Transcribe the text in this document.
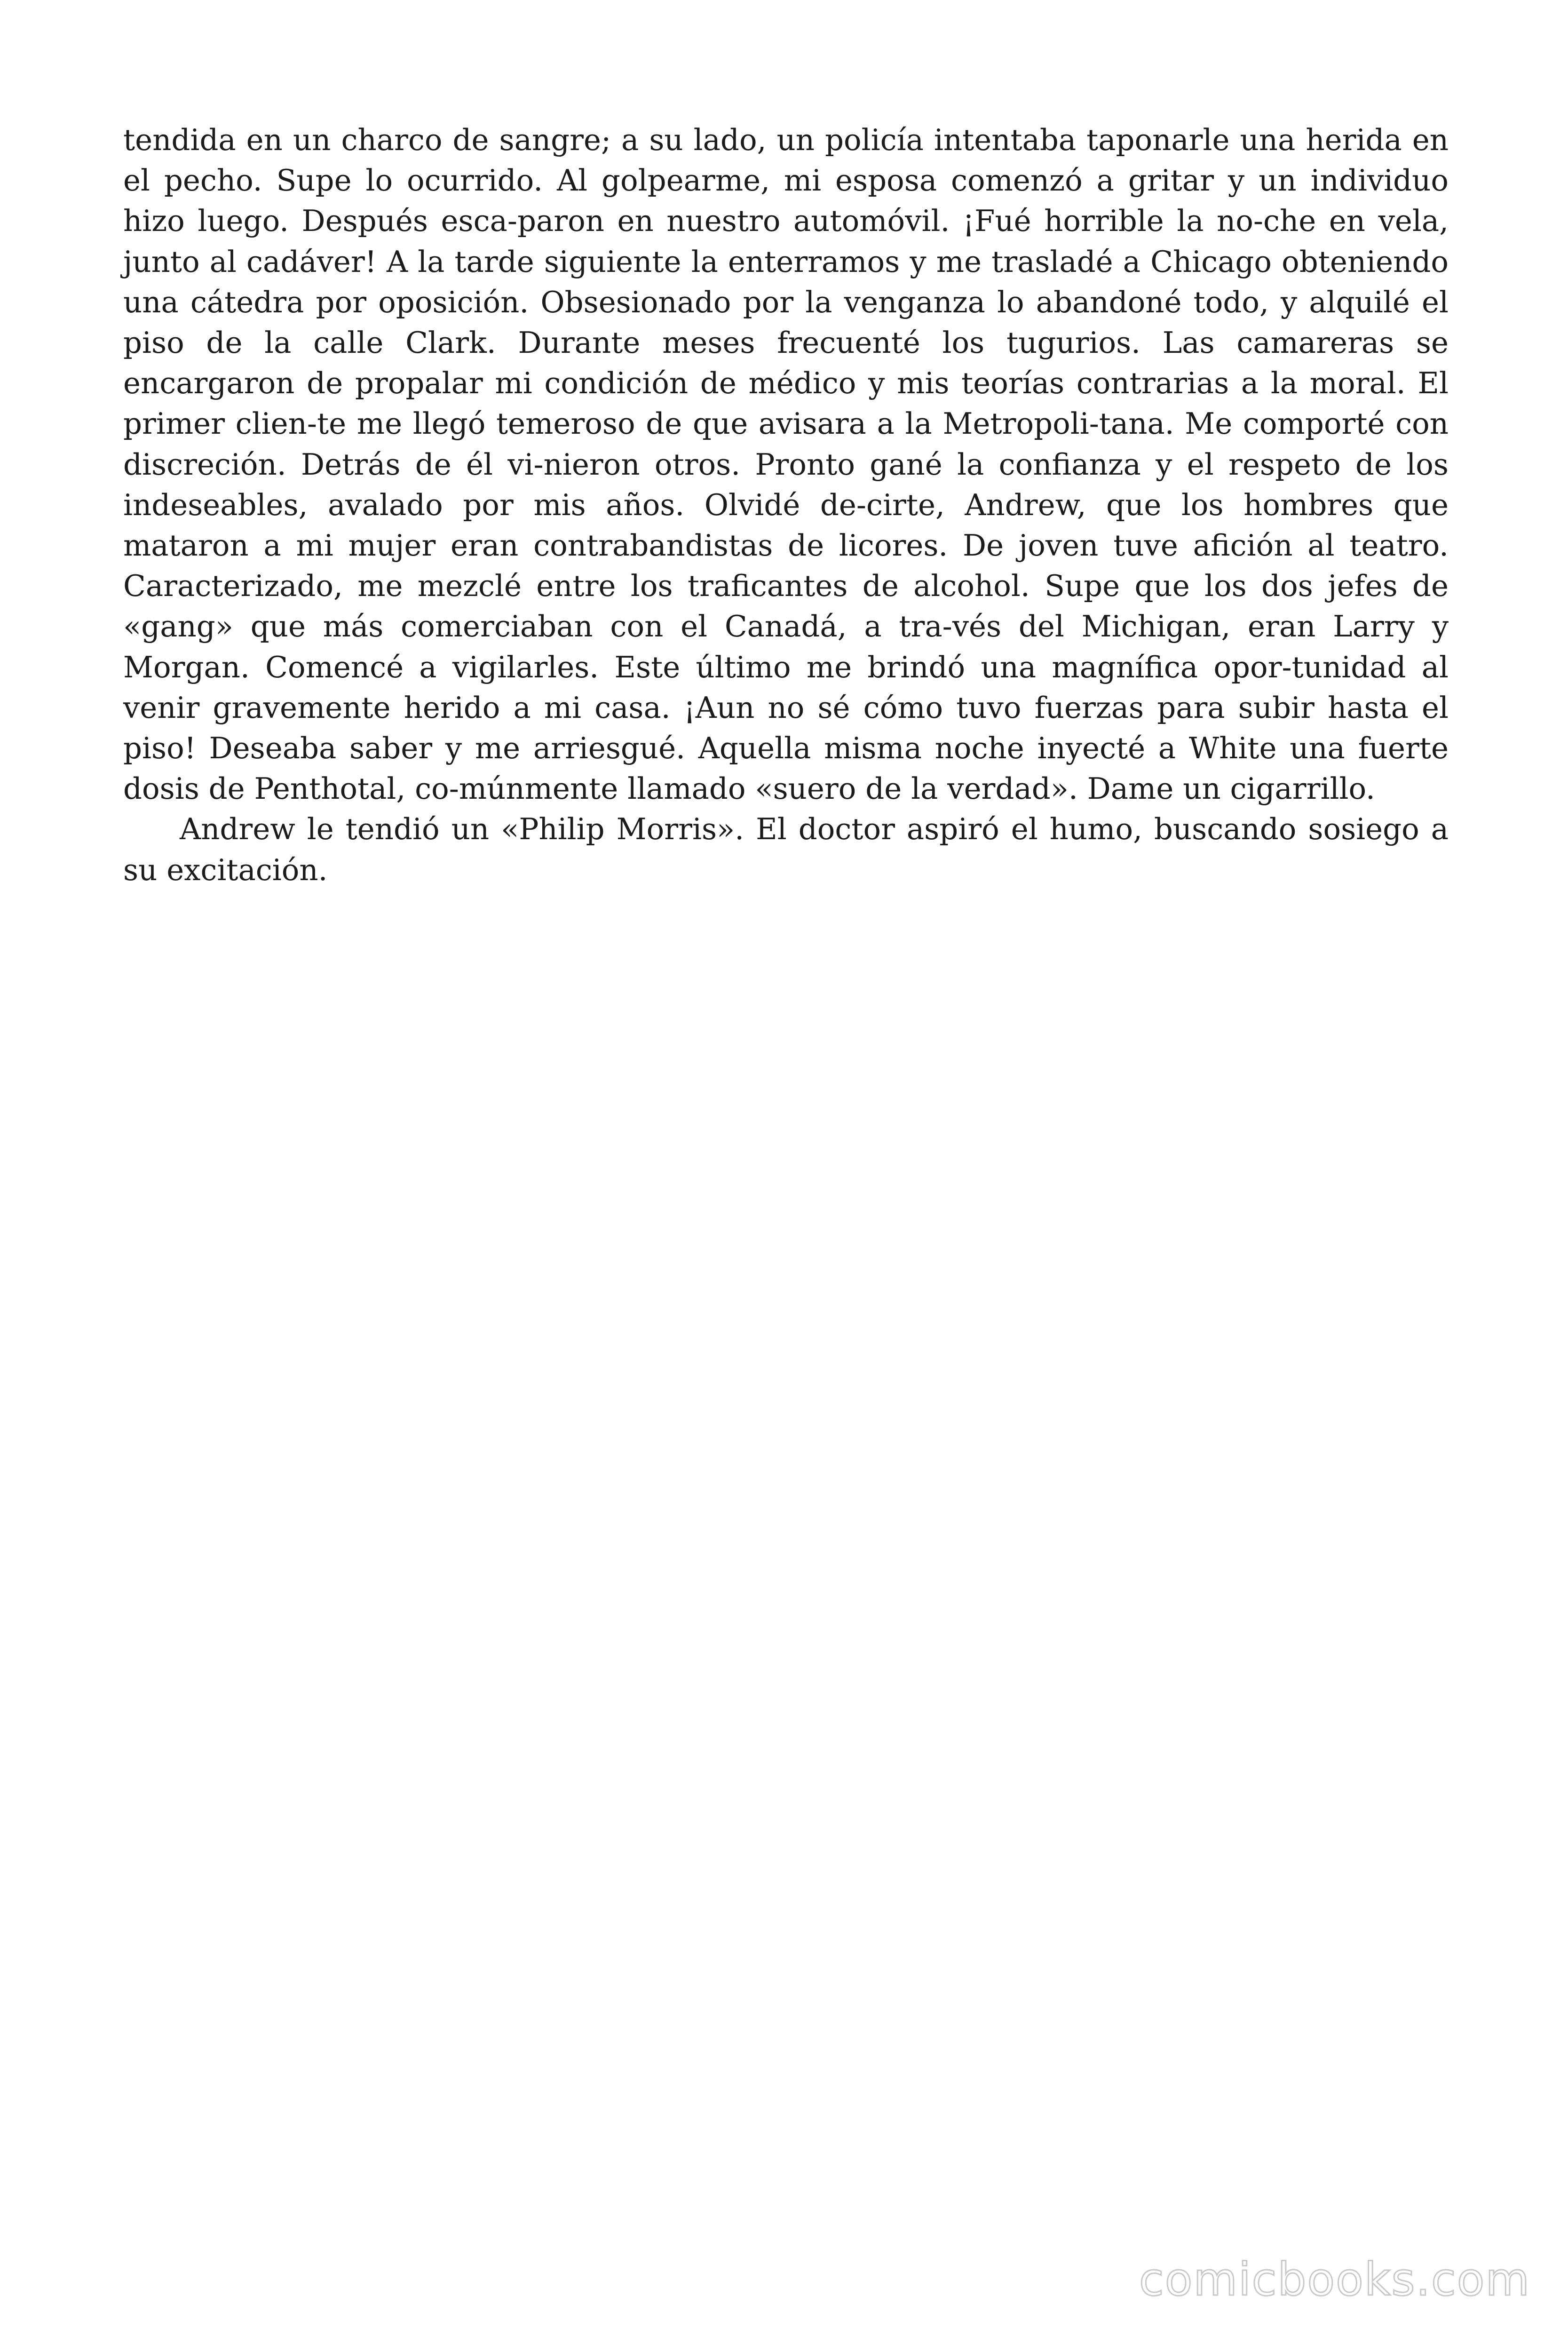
tendida en un charco de sangre; a su lado, un policía intentaba taponarle una herida en el pecho. Supe lo ocurrido. Al golpearme, mi esposa comenzó a gritar y un individuo hizo luego. Después esca-paron en nuestro automóvil. ¡Fué horrible la no-che en vela, junto al cadáver! A la tarde siguiente la enterramos y me trasladé a Chicago obteniendo una cátedra por oposición. Obsesionado por la venganza lo abandoné todo, y alquilé el piso de la calle Clark. Durante meses frecuenté los tugurios. Las camareras se encargaron de propalar mi condición de médico y mis teorías contrarias a la moral. El primer clien-te me llegó temeroso de que avisara a la Metropoli-tana. Me comporté con discreción. Detrás de él vi-nieron otros. Pronto gané la confianza y el respeto de los indeseables, avalado por mis años. Olvidé de-cirte, Andrew, que los hombres que mataron a mi mujer eran contrabandistas de licores. De joven tuve afición al teatro. Caracterizado, me mezclé entre los traficantes de alcohol. Supe que los dos jefes de «gang» que más comerciaban con el Canadá, a tra-vés del Michigan, eran Larry y Morgan. Comencé a vigilarles. Este último me brindó una magnífica opor-tunidad al venir gravemente herido a mi casa. ¡Aun no sé cómo tuvo fuerzas para subir hasta el piso! Deseaba saber y me arriesgué. Aquella misma noche inyecté a White una fuerte dosis de Penthotal, co-múnmente llamado «suero de la verdad». Dame un cigarrillo.

Andrew le tendió un «Philip Morris». El doctor aspiró el humo, buscando sosiego a su excitación.

comicbooks.com
